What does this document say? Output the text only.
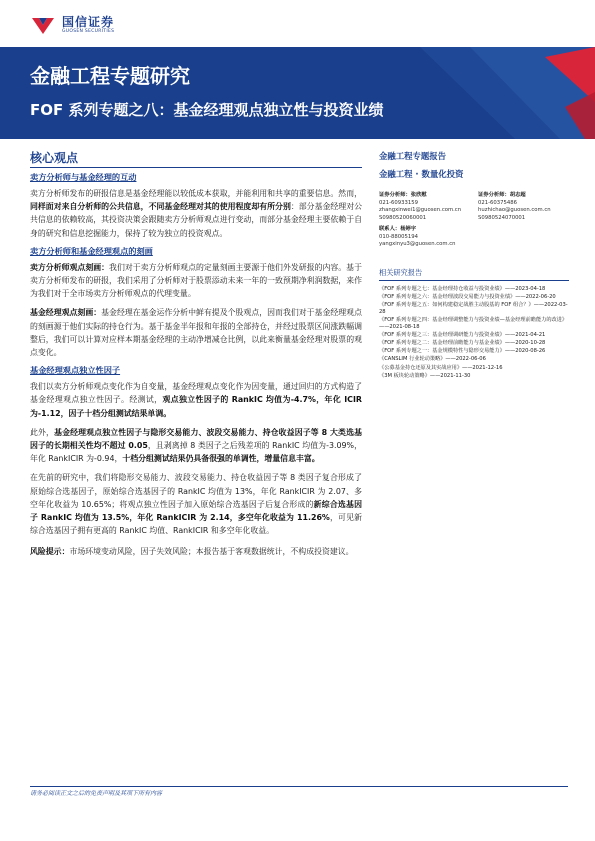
国信证券
GUOSEN SECURITIES
金融工程专题研究
FOF 系列专题之八：基金经理观点独立性与投资业绩
核心观点
卖方分析师与基金经理的互动

卖方分析师发布的研报信息是基金经理能以较低成本获取，并能利用和共享的重要信息。然而，同样面对来自分析师的公共信息，不同基金经理对其的使用程度却有所分别：部分基金经理对公共信息的依赖较高，其投资决策会跟随卖方分析师观点进行变动，而部分基金经理主要依赖于自身的研究和信息挖掘能力，保持了较为独立的投资观点。

卖方分析师和基金经理观点的刻画

卖方分析师观点刻画：我们对于卖方分析师观点的定量刻画主要源于他们外发研报的内容。基于卖方分析师发布的研报，我们采用了分析师对于股票添动未来一年的一致预期净利润数据，来作为我们对于全市场卖方分析师观点的代理变量。

基金经理观点刻画：基金经理在基金运作分析中鲜有提及个股观点，因而我们对于基金经理观点的刻画源于他们实际的持仓行为。基于基金半年报和年报的全部持仓，并经过股票区间涨跌幅调整后，我们可以计算对应样本期基金经理的主动净增减仓比例，以此来衡量基金经理对股票的观点变化。

基金经理观点独立性因子

我们以卖方分析师观点变化作为自变量，基金经理观点变化作为因变量，通过回归的方式构造了基金经理观点独立性因子。经测试，观点独立性因子的 RankIC 均值为-4.7%，年化 ICIR 为-1.12，因子十档分组测试结果单调。

此外，基金经理观点独立性因子与隐形交易能力、波段交易能力、持仓收益因子等 8 大类选基因子的长期相关性均不超过 0.05，且剥离掉 8 类因子之后残差项的 RankIC 均值为-3.09%，年化 RankICIR 为-0.94，十档分组测试结果仍具备很强的单调性，增量信息丰富。

在先前的研究中，我们将隐形交易能力、波段交易能力、持仓收益因子等 8 类因子复合形成了原始综合选基因子，原始综合选基因子的 RankIC 均值为 13%，年化 RankICIR 为 2.07、多空年化收益为 10.65%；将观点独立性因子加入原始综合选基因子后复合形成的新综合选基因子 RankIC 均值为 13.5%，年化 RankICIR 为 2.14，多空年化收益为 11.26%，可见新综合选基因子拥有更高的 RankIC 均值、RankICIR 和多空年化收益。

风险提示：市场环境变动风险，因子失效风险；本报告基于客观数据统计，不构成投资建议。

金融工程专题报告
金融工程 · 数量化投资
证券分析师：张欣慰
021-60933159
zhangxinwei1@guosen.com.cn
S0980520060001
证券分析师：胡志超
021-60375486
huzhichao@guosen.com.cn
S0980524070001
联系人：杨婷宇
010-88005194
yangxinyu3@guosen.com.cn
相关研究报告
《FOF 系列专题之七：基金经理持仓收益与投资业绩》——2023-04-18
《FOF 系列专题之六：基金经理波段交易能力与投资业绩》——2022-06-20
《FOF 系列专题之五：如何构建稳定战胜主动股基的 FOF 组合？》——2022-03-28
《FOF 系列专题之四：基金经理调整能力与投资业绩—基金经理前瞻能力的改进》——2021-08-18
《FOF 系列专题之三：基金经理调研能力与投资业绩》——2021-04-21
《FOF 系列专题之二：基金经理前瞻能力与基金业绩》——2020-10-28
《FOF 系列专题之一：基金规模特性与隐形交易能力》——2020-08-26
《CANSLIM 行业轮动策略》——2022-06-06
《公募基金持仓还原及其实战应用》——2021-12-16
《3M 板块轮动策略》——2021-11-30
请务必阅读正文之后的免责声明及其项下所有内容
